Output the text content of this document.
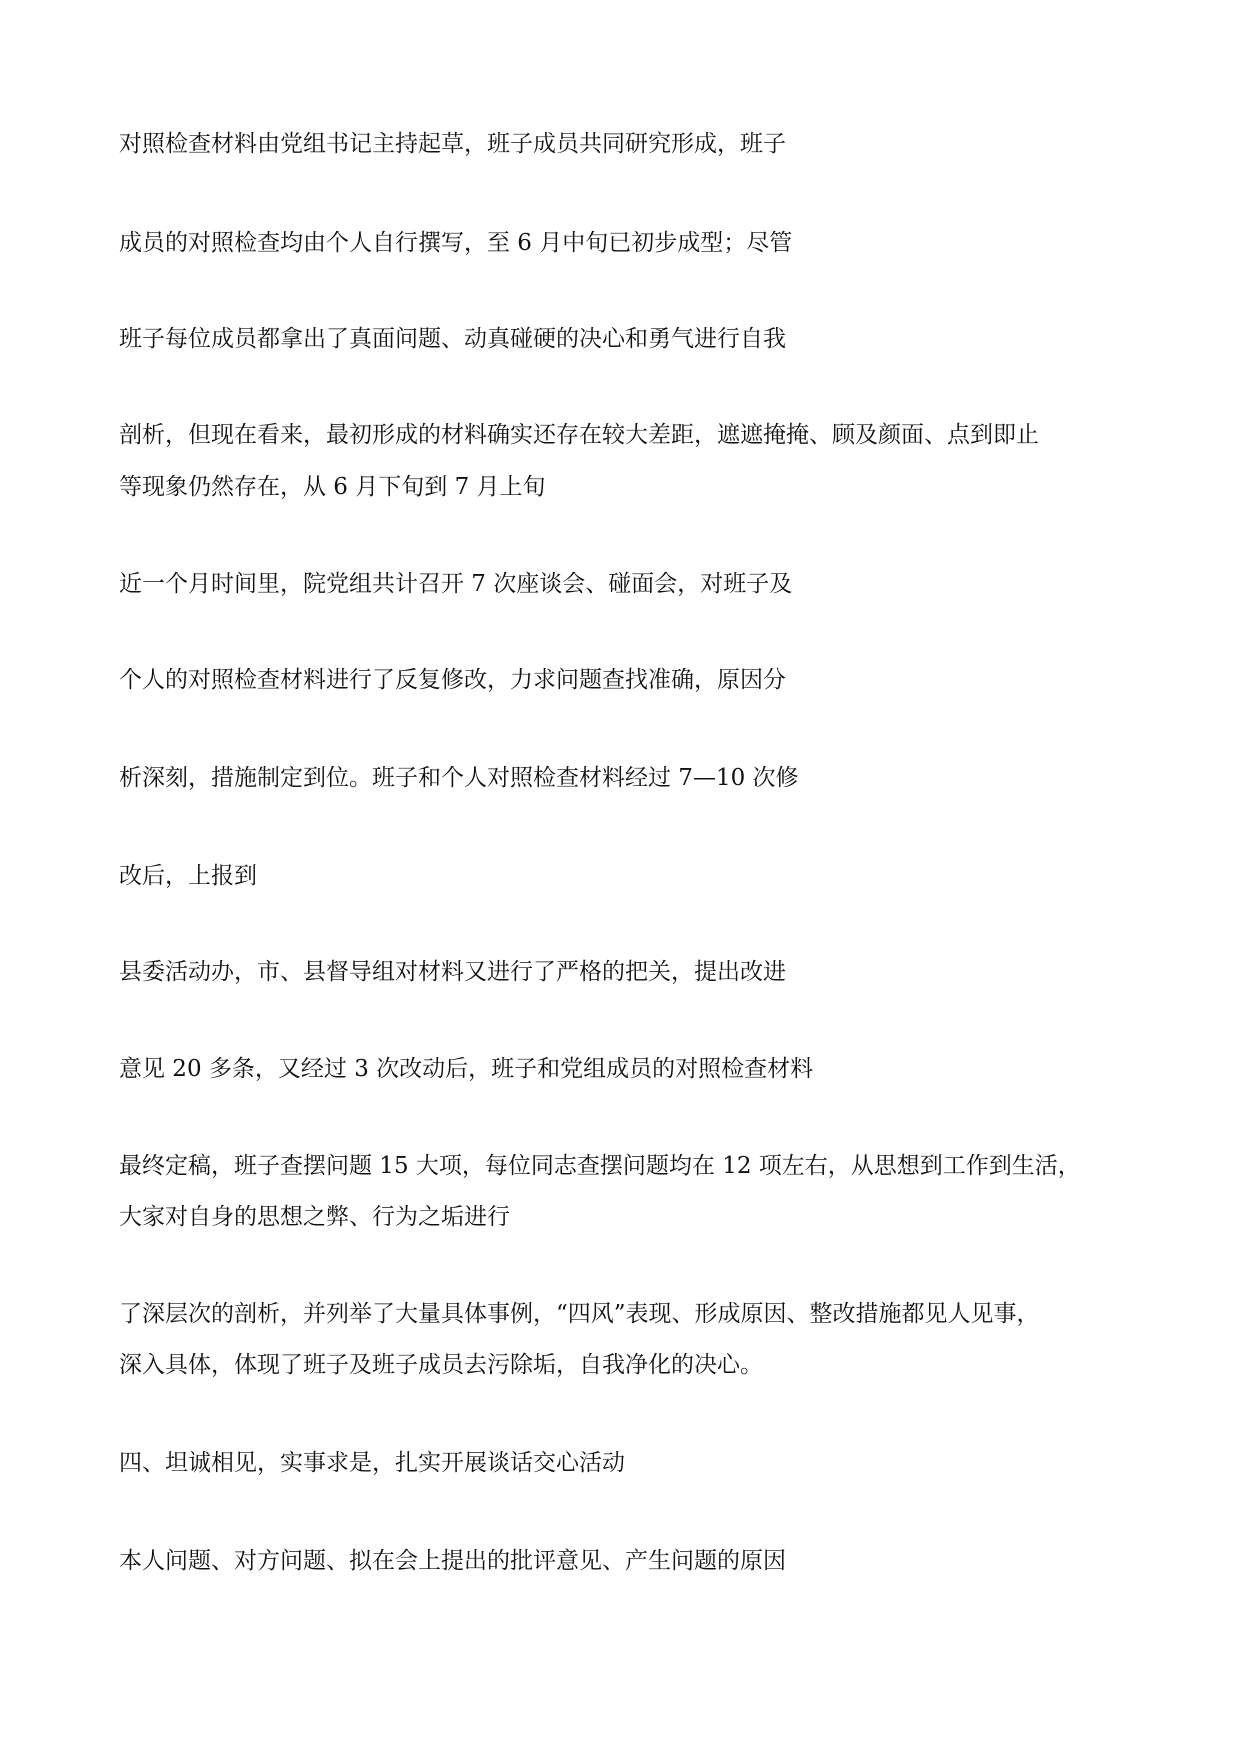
对照检查材料由党组书记主持起草，班子成员共同研究形成，班子
成员的对照检查均由个人自行撰写，至 6 月中旬已初步成型；尽管
班子每位成员都拿出了真面问题、动真碰硬的决心和勇气进行自我
剖析，但现在看来，最初形成的材料确实还存在较大差距，遮遮掩掩、顾及颜面、点到即止
等现象仍然存在，从 6 月下旬到 7 月上旬
近一个月时间里，院党组共计召开 7 次座谈会、碰面会，对班子及
个人的对照检查材料进行了反复修改，力求问题查找准确，原因分
析深刻，措施制定到位。班子和个人对照检查材料经过 7—10 次修
改后，上报到
县委活动办，市、县督导组对材料又进行了严格的把关，提出改进
意见 20 多条，又经过 3 次改动后，班子和党组成员的对照检查材料
最终定稿，班子查摆问题 15 大项，每位同志查摆问题均在 12 项左右，从思想到工作到生活，
大家对自身的思想之弊、行为之垢进行
了深层次的剖析，并列举了大量具体事例，“四风”表现、形成原因、整改措施都见人见事，
深入具体，体现了班子及班子成员去污除垢，自我净化的决心。
四、坦诚相见，实事求是，扎实开展谈话交心活动
本人问题、对方问题、拟在会上提出的批评意见、产生问题的原因
